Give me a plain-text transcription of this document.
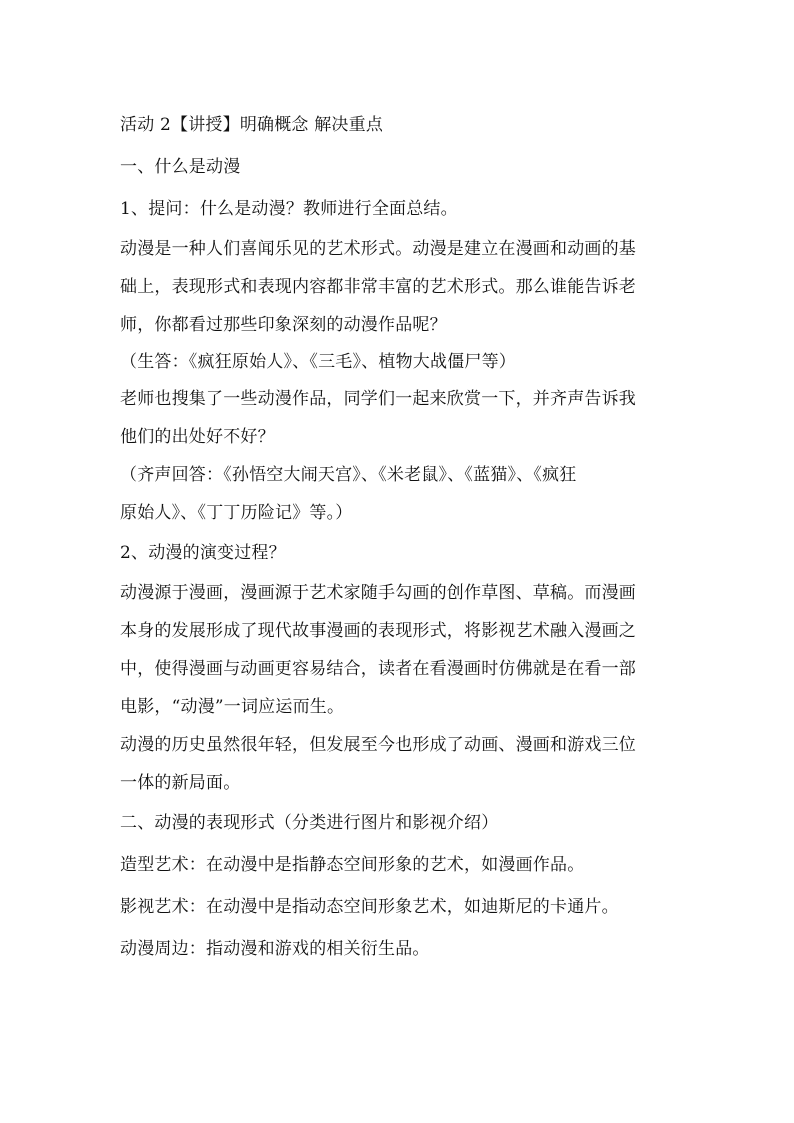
活动 2【讲授】明确概念 解决重点

一、什么是动漫

1、提问：什么是动漫？教师进行全面总结。

动漫是一种人们喜闻乐见的艺术形式。动漫是建立在漫画和动画的基

础上，表现形式和表现内容都非常丰富的艺术形式。那么谁能告诉老

师，你都看过那些印象深刻的动漫作品呢？

（生答：《疯狂原始人》、《三毛》、植物大战僵尸等）

老师也搜集了一些动漫作品，同学们一起来欣赏一下，并齐声告诉我

他们的出处好不好？

（齐声回答：《孙悟空大闹天宫》、《米老鼠》、《蓝猫》、《疯狂

原始人》、《丁丁历险记》等。）

2、动漫的演变过程？

动漫源于漫画，漫画源于艺术家随手勾画的创作草图、草稿。而漫画

本身的发展形成了现代故事漫画的表现形式，将影视艺术融入漫画之

中，使得漫画与动画更容易结合，读者在看漫画时仿佛就是在看一部

电影，“动漫”一词应运而生。

动漫的历史虽然很年轻，但发展至今也形成了动画、漫画和游戏三位

一体的新局面。

二、动漫的表现形式（分类进行图片和影视介绍）

造型艺术：在动漫中是指静态空间形象的艺术，如漫画作品。

影视艺术：在动漫中是指动态空间形象艺术，如迪斯尼的卡通片。

动漫周边：指动漫和游戏的相关衍生品。
